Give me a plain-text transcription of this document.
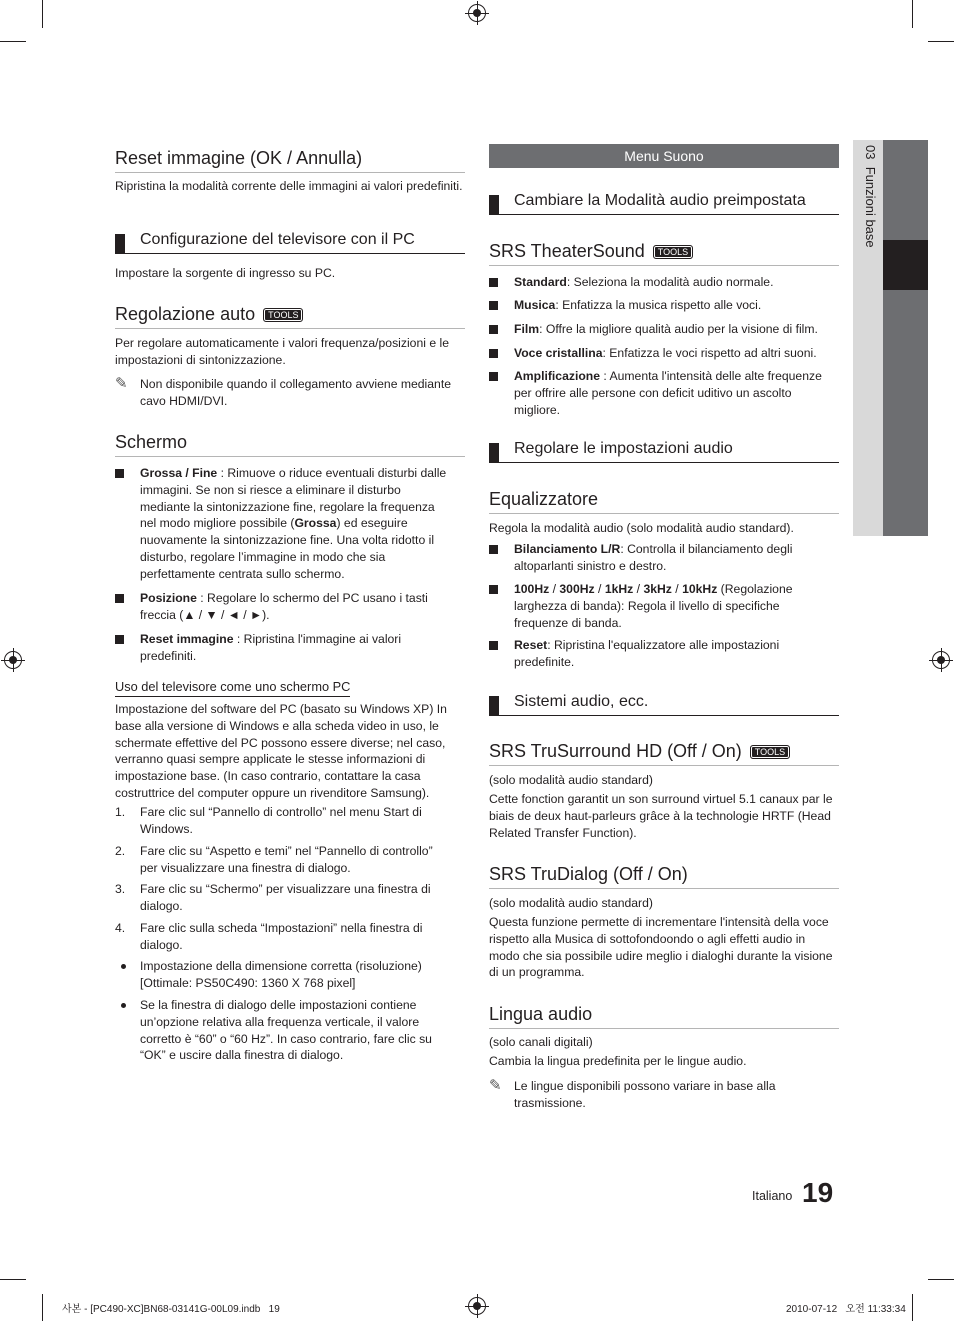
03  Funzioni base
Reset immagine (OK / Annulla)
Ripristina la modalità corrente delle immagini ai valori predefiniti.
Configurazione del televisore con il PC
Impostare la sorgente di ingresso su PC.
Regolazione auto TOOLS
Per regolare automaticamente i valori frequenza/posizioni e le impostazioni di sintonizzazione.
✎ Non disponibile quando il collegamento avviene mediante cavo HDMI/DVI.
Schermo
Grossa / Fine : Rimuove o riduce eventuali disturbi dalle immagini. Se non si riesce a eliminare il disturbo mediante la sintonizzazione fine, regolare la frequenza nel modo migliore possibile (Grossa) ed eseguire nuovamente la sintonizzazione fine. Una volta ridotto il disturbo, regolare l’immagine in modo che sia perfettamente centrata sullo schermo.
Posizione : Regolare lo schermo del PC usano i tasti freccia (▲ / ▼ / ◄ / ►).
Reset immagine : Ripristina l'immagine ai valori predefiniti.
Uso del televisore come uno schermo PC
Impostazione del software del PC (basato su Windows XP) In base alla versione di Windows e alla scheda video in uso, le schermate effettive del PC possono essere diverse; nel caso, verranno quasi sempre applicate le stesse informazioni di impostazione base. (In caso contrario, contattare la casa costruttrice del computer oppure un rivenditore Samsung).
1. Fare clic sul “Pannello di controllo” nel menu Start di Windows.
2. Fare clic su “Aspetto e temi” nel “Pannello di controllo” per visualizzare una finestra di dialogo.
3. Fare clic su “Schermo” per visualizzare una finestra di dialogo.
4. Fare clic sulla scheda “Impostazioni” nella finestra di dialogo.
Impostazione della dimensione corretta (risoluzione) [Ottimale: PS50C490: 1360 X 768 pixel]
Se la finestra di dialogo delle impostazioni contiene un’opzione relativa alla frequenza verticale, il valore corretto è “60” o “60 Hz”. In caso contrario, fare clic su “OK” e uscire dalla finestra di dialogo.
Menu Suono
Cambiare la Modalità audio preimpostata
SRS TheaterSound TOOLS
Standard: Seleziona la modalità audio normale.
Musica: Enfatizza la musica rispetto alle voci.
Film: Offre la migliore qualità audio per la visione di film.
Voce cristallina: Enfatizza le voci rispetto ad altri suoni.
Amplificazione : Aumenta l'intensità delle alte frequenze per offrire alle persone con deficit uditivo un ascolto migliore.
Regolare le impostazioni audio
Equalizzatore
Regola la modalità audio (solo modalità audio standard).
Bilanciamento L/R: Controlla il bilanciamento degli altoparlanti sinistro e destro.
100Hz / 300Hz / 1kHz / 3kHz / 10kHz (Regolazione larghezza di banda): Regola il livello di specifiche frequenze di banda.
Reset: Ripristina l'equalizzatore alle impostazioni predefinite.
Sistemi audio, ecc.
SRS TruSurround HD (Off / On) TOOLS
(solo modalità audio standard)
Cette fonction garantit un son surround virtuel 5.1 canaux par le biais de deux haut-parleurs grâce à la technologie HRTF (Head Related Transfer Function).
SRS TruDialog (Off / On)
(solo modalità audio standard)
Questa funzione permette di incrementare l'intensità della voce rispetto alla Musica di sottofondoondo o agli effetti audio in modo che sia possibile udire meglio i dialoghi durante la visione di un programma.
Lingua audio
(solo canali digitali)
Cambia la lingua predefinita per le lingue audio.
✎ Le lingue disponibili possono variare in base alla trasmissione.
Italiano 19
사본 - [PC490-XC]BN68-03141G-00L09.indb   19	2010-07-12   오전 11:33:34
